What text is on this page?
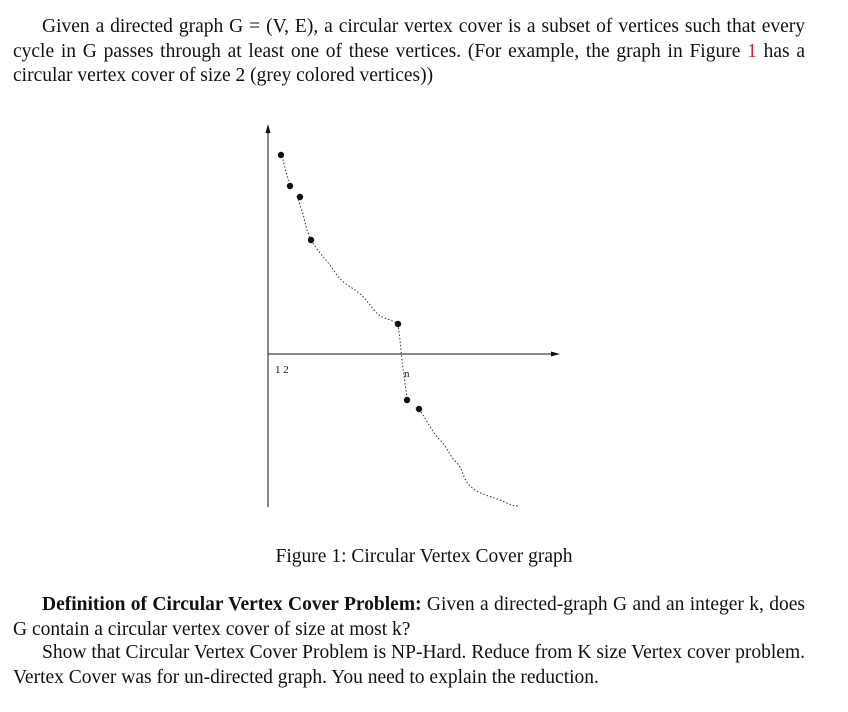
Given a directed graph G = (V, E), a circular vertex cover is a subset of vertices such that every cycle in G passes through at least one of these vertices. (For example, the graph in Figure 1 has a circular vertex cover of size 2 (grey colored vertices))

1 2	n
Figure 1: Circular Vertex Cover graph

Definition of Circular Vertex Cover Problem: Given a directed-graph G and an integer k, does G contain a circular vertex cover of size at most k?

Show that Circular Vertex Cover Problem is NP-Hard. Reduce from K size Vertex cover problem. Vertex Cover was for un-directed graph. You need to explain the reduction.
